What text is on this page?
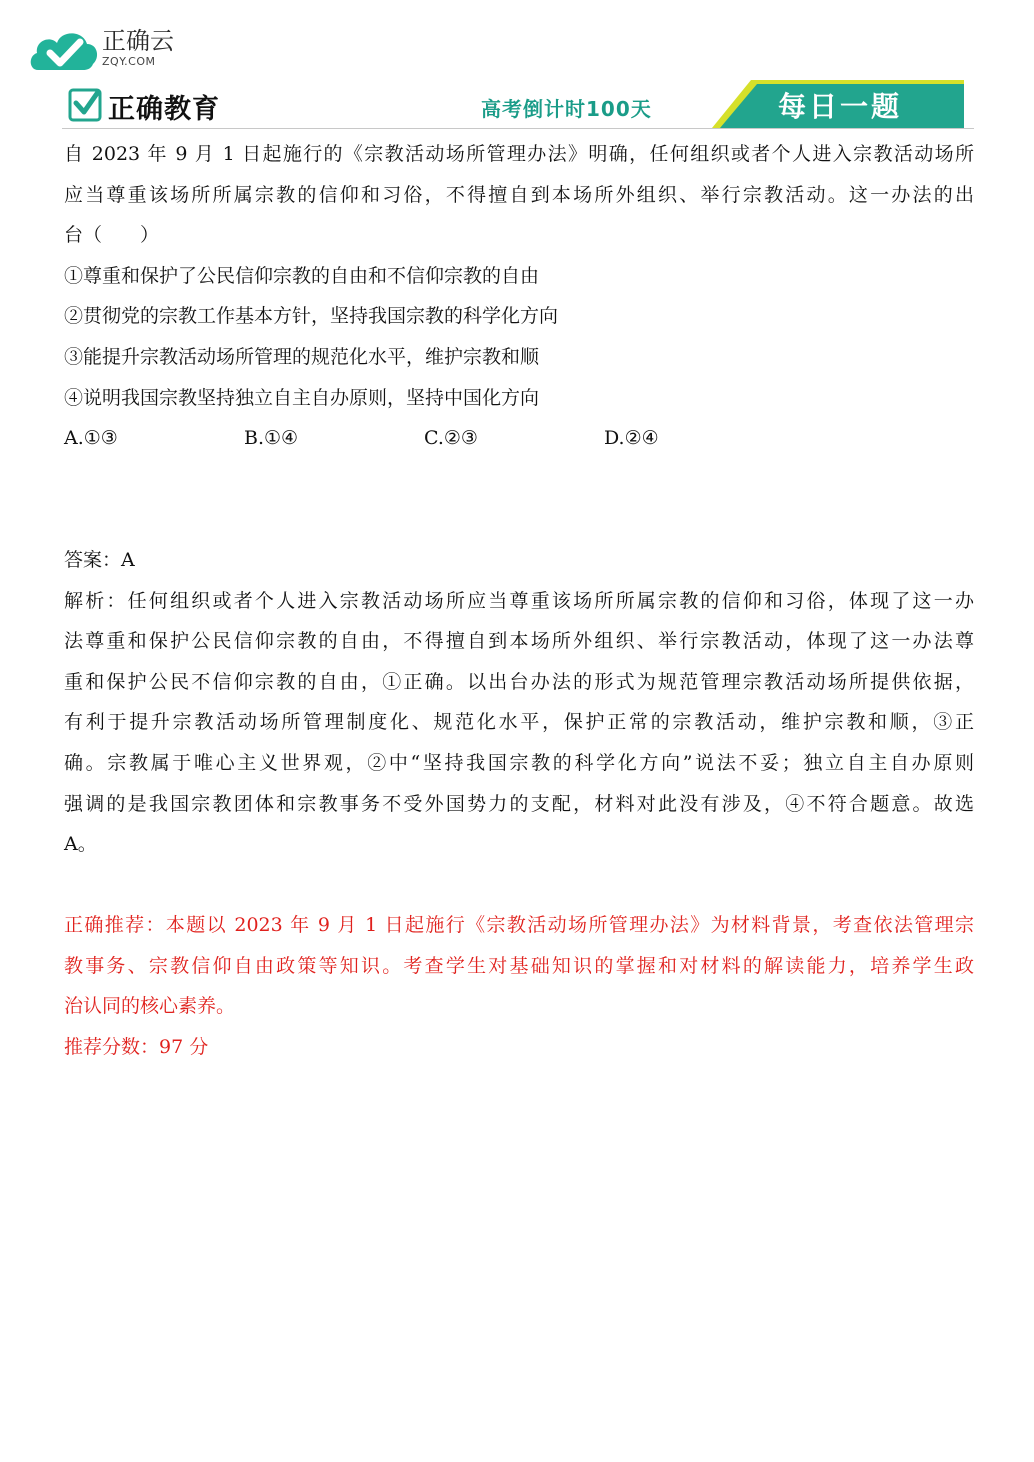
正确云
ZQY.COM
正确教育	高考倒计时100天	每日一题
自 2023 年 9 月 1 日起施行的《宗教活动场所管理办法》明确，任何组织或者个人进入宗教活动场所
应当尊重该场所所属宗教的信仰和习俗，不得擅自到本场所外组织、举行宗教活动。这一办法的出
台（　　）
①尊重和保护了公民信仰宗教的自由和不信仰宗教的自由
②贯彻党的宗教工作基本方针，坚持我国宗教的科学化方向
③能提升宗教活动场所管理的规范化水平，维护宗教和顺
④说明我国宗教坚持独立自主自办原则，坚持中国化方向
A.①③	B.①④	C.②③	D.②④
答案：A
解析：任何组织或者个人进入宗教活动场所应当尊重该场所所属宗教的信仰和习俗，体现了这一办
法尊重和保护公民信仰宗教的自由，不得擅自到本场所外组织、举行宗教活动，体现了这一办法尊
重和保护公民不信仰宗教的自由，①正确。以出台办法的形式为规范管理宗教活动场所提供依据，
有利于提升宗教活动场所管理制度化、规范化水平，保护正常的宗教活动，维护宗教和顺，③正
确。宗教属于唯心主义世界观，②中“坚持我国宗教的科学化方向”说法不妥；独立自主自办原则
强调的是我国宗教团体和宗教事务不受外国势力的支配，材料对此没有涉及，④不符合题意。故选
A。
正确推荐：本题以 2023 年 9 月 1 日起施行《宗教活动场所管理办法》为材料背景，考查依法管理宗
教事务、宗教信仰自由政策等知识。考查学生对基础知识的掌握和对材料的解读能力，培养学生政
治认同的核心素养。
推荐分数：97 分
